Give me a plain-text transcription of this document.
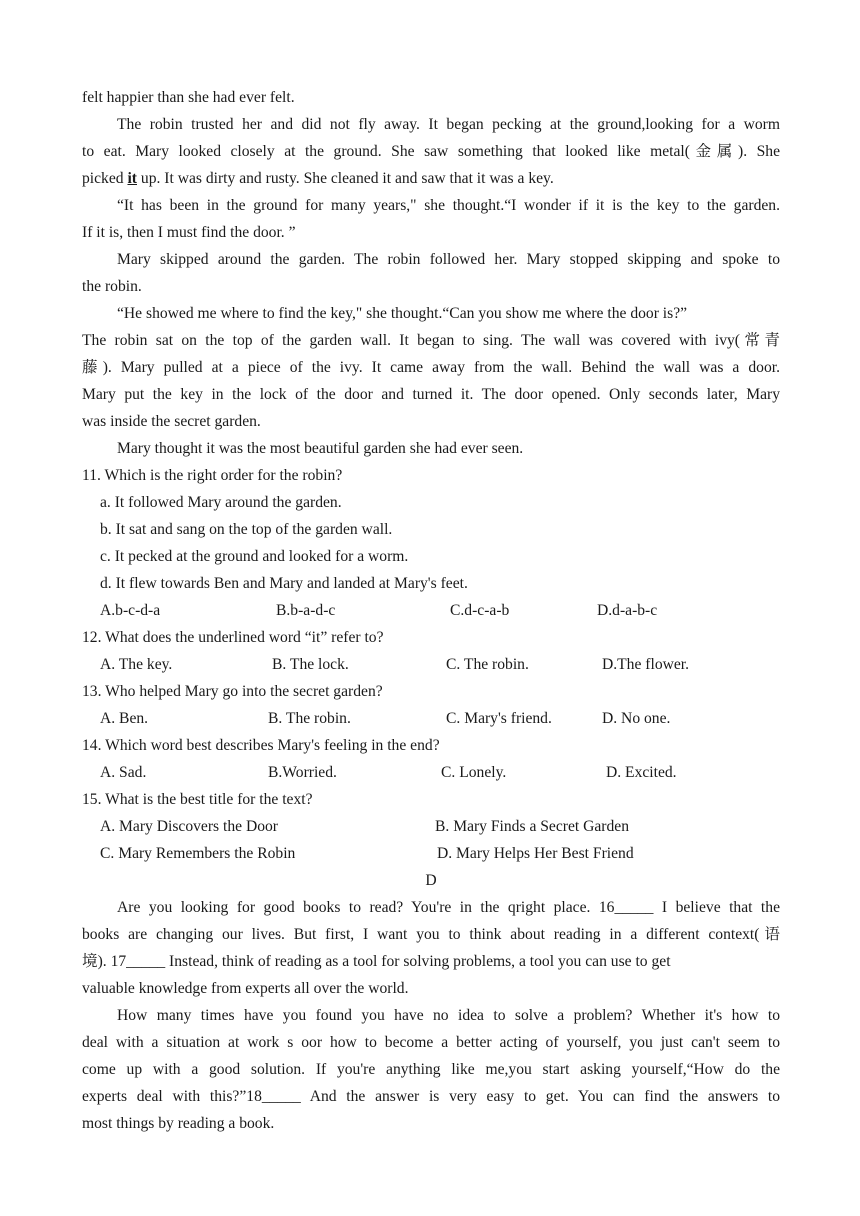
felt happier than she had ever felt.
The robin trusted her and did not fly away. It began pecking at the ground,looking for a worm
to eat. Mary looked closely at the ground. She saw something that looked like metal(金属). She
picked it up. It was dirty and rusty. She cleaned it and saw that it was a key.
“It has been in the ground for many years," she thought.“I wonder if it is the key to the garden.
If it is, then I must find the door. ”
Mary skipped around the garden. The robin followed her. Mary stopped skipping and spoke to
the robin.
“He showed me where to find the key," she thought.“Can you show me where the door is?”
The robin sat on the top of the garden wall. It began to sing. The wall was covered with ivy(常青
藤). Mary pulled at a piece of the ivy. It came away from the wall. Behind the wall was a door.
Mary put the key in the lock of the door and turned it. The door opened. Only seconds later, Mary
was inside the secret garden.
Mary thought it was the most beautiful garden she had ever seen.
11. Which is the right order for the robin?
a. It followed Mary around the garden.
b. It sat and sang on the top of the garden wall.
c. It pecked at the ground and looked for a worm.
d. It flew towards Ben and Mary and landed at Mary's feet.
A.b-c-d-a	B.b-a-d-c	C.d-c-a-b	D.d-a-b-c
12. What does the underlined word “it” refer to?
A. The key.	B. The lock.	C. The robin.	D.The flower.
13. Who helped Mary go into the secret garden?
A. Ben.	B. The robin.	C. Mary's friend.	D. No one.
14. Which word best describes Mary's feeling in the end?
A. Sad.	B.Worried.	C. Lonely.	D. Excited.
15. What is the best title for the text?
A. Mary Discovers the Door	B. Mary Finds a Secret Garden
C. Mary Remembers the Robin	D. Mary Helps Her Best Friend
D
Are you looking for good books to read? You're in the qright place. 16_____ I believe that the
books are changing our lives. But first, I want you to think about reading in a different context(语
境). 17_____ Instead, think of reading as a tool for solving problems, a tool you can use to get
valuable knowledge from experts all over the world.
How many times have you found you have no idea to solve a problem? Whether it's how to
deal with a situation at work s oor how to become a better acting of yourself, you just can't seem to
come up with a good solution. If you're anything like me,you start asking yourself,“How do the
experts deal with this?”18_____ And the answer is very easy to get. You can find the answers to
most things by reading a book.
